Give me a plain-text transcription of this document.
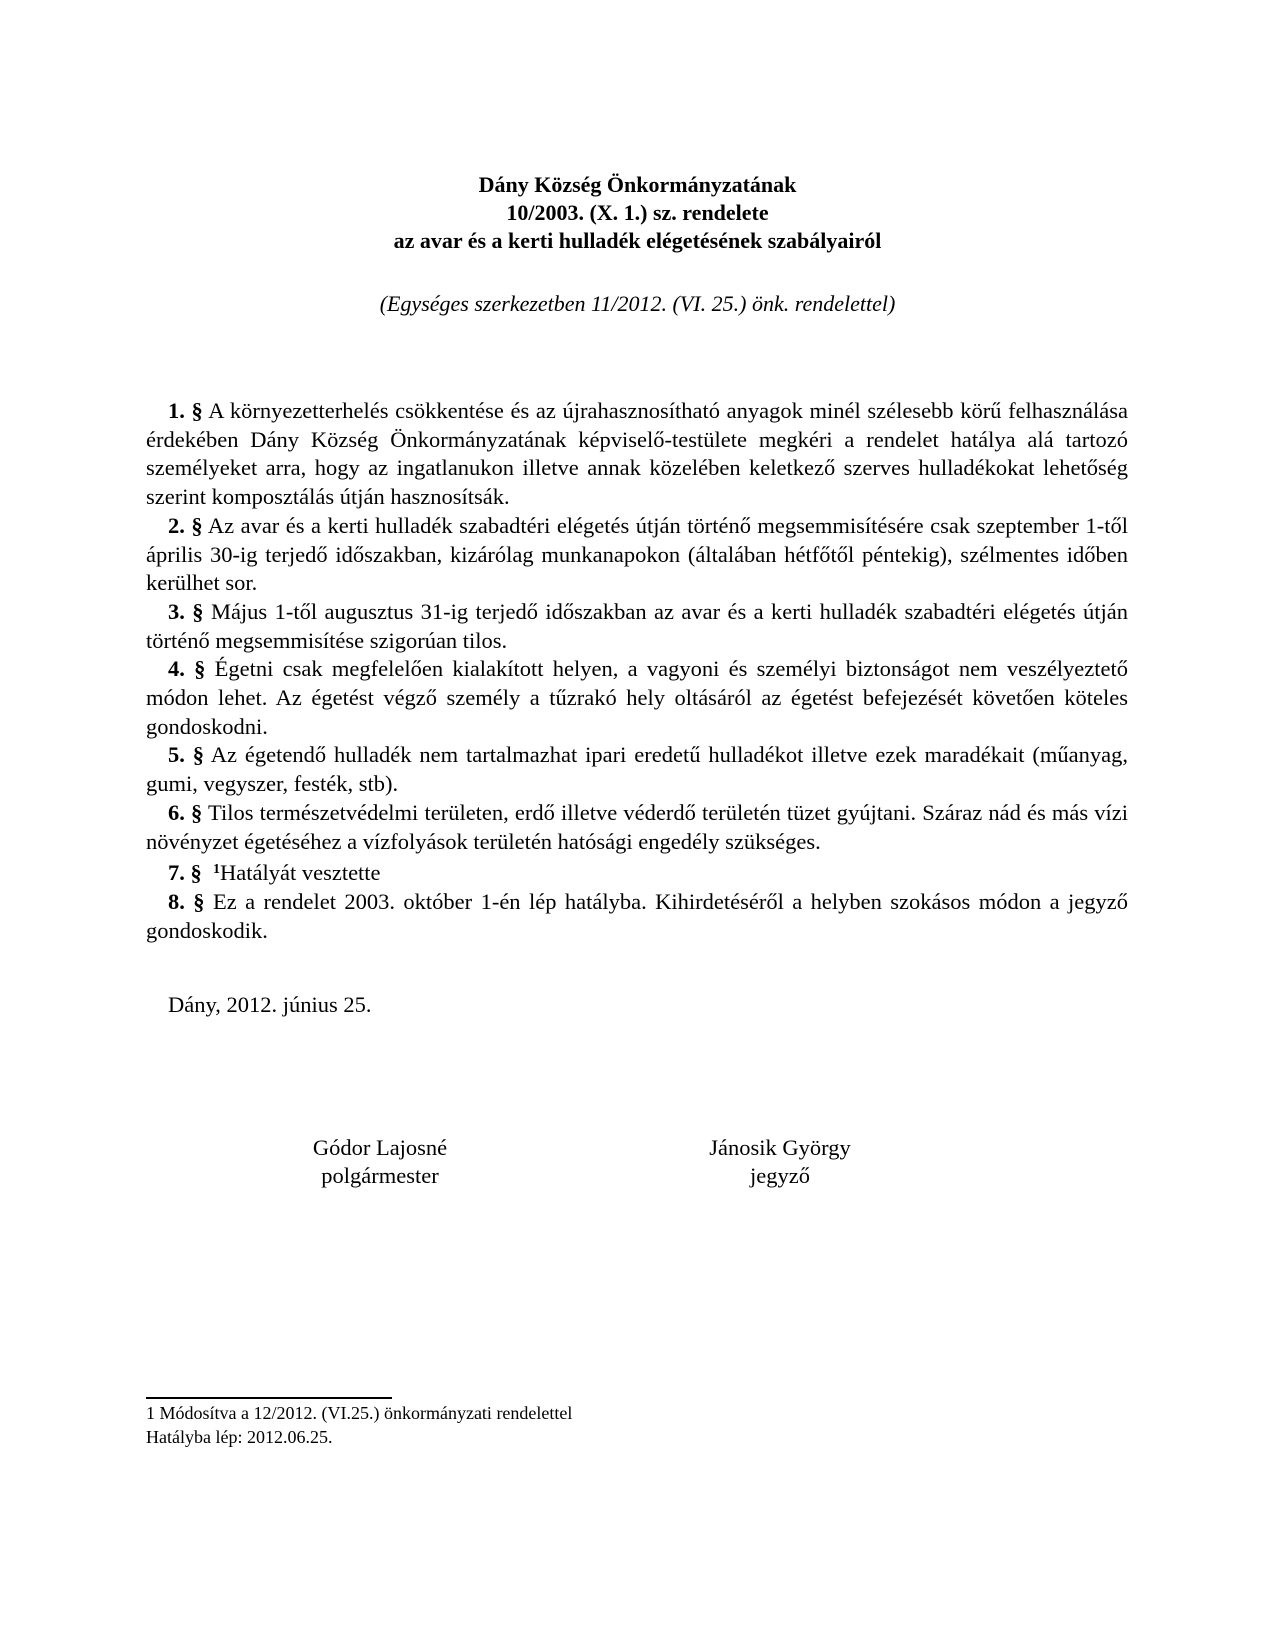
Dány Község Önkormányzatának
10/2003. (X. 1.) sz. rendelete
az avar és a kerti hulladék elégetésének szabályairól
(Egységes szerkezetben 11/2012. (VI. 25.) önk. rendelettel)

1. § A környezetterhelés csökkentése és az újrahasznosítható anyagok minél szélesebb körű felhasználása érdekében Dány Község Önkormányzatának képviselő-testülete megkéri a rendelet hatálya alá tartozó személyeket arra, hogy az ingatlanukon illetve annak közelében keletkező szerves hulladékokat lehetőség szerint komposztálás útján hasznosítsák.

2. § Az avar és a kerti hulladék szabadtéri elégetés útján történő megsemmisítésére csak szeptember 1-től április 30-ig terjedő időszakban, kizárólag munkanapokon (általában hétfőtől péntekig), szélmentes időben kerülhet sor.

3. § Május 1-től augusztus 31-ig terjedő időszakban az avar és a kerti hulladék szabadtéri elégetés útján történő megsemmisítése szigorúan tilos.

4. § Égetni csak megfelelően kialakított helyen, a vagyoni és személyi biztonságot nem veszélyeztető módon lehet. Az égetést végző személy a tűzrakó hely oltásáról az égetést befejezését követően köteles gondoskodni.

5. § Az égetendő hulladék nem tartalmazhat ipari eredetű hulladékot illetve ezek maradékait (műanyag, gumi, vegyszer, festék, stb).

6. § Tilos természetvédelmi területen, erdő illetve véderdő területén tüzet gyújtani. Száraz nád és más vízi növényzet égetéséhez a vízfolyások területén hatósági engedély szükséges.

7. § $^1$Hatályát vesztette

8. § Ez a rendelet 2003. október 1-én lép hatályba. Kihirdetéséről a helyben szokásos módon a jegyző gondoskodik.

Dány, 2012. június 25.
Gódor Lajosné
polgármester
Jánosik György
jegyző
1 Módosítva a 12/2012. (VI.25.) önkormányzati rendelettel
Hatályba lép: 2012.06.25.
